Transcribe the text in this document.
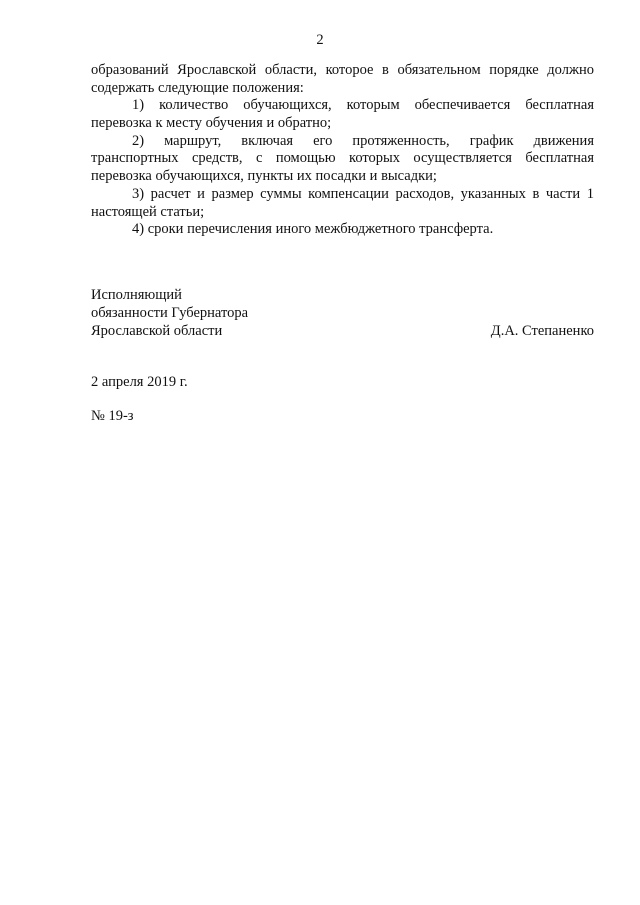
2
образований Ярославской области, которое в обязательном порядке должно
содержать следующие положения:
1) количество обучающихся, которым обеспечивается бесплатная
перевозка к месту обучения и обратно;
2) маршрут, включая его протяженность, график движения
транспортных средств, с помощью которых осуществляется бесплатная
перевозка обучающихся, пункты их посадки и высадки;
3) расчет и размер суммы компенсации расходов, указанных в части 1
настоящей статьи;
4) сроки перечисления иного межбюджетного трансферта.
Исполняющий
обязанности Губернатора
Ярославской области	Д.А. Степаненко
2 апреля 2019 г.
№ 19-з
